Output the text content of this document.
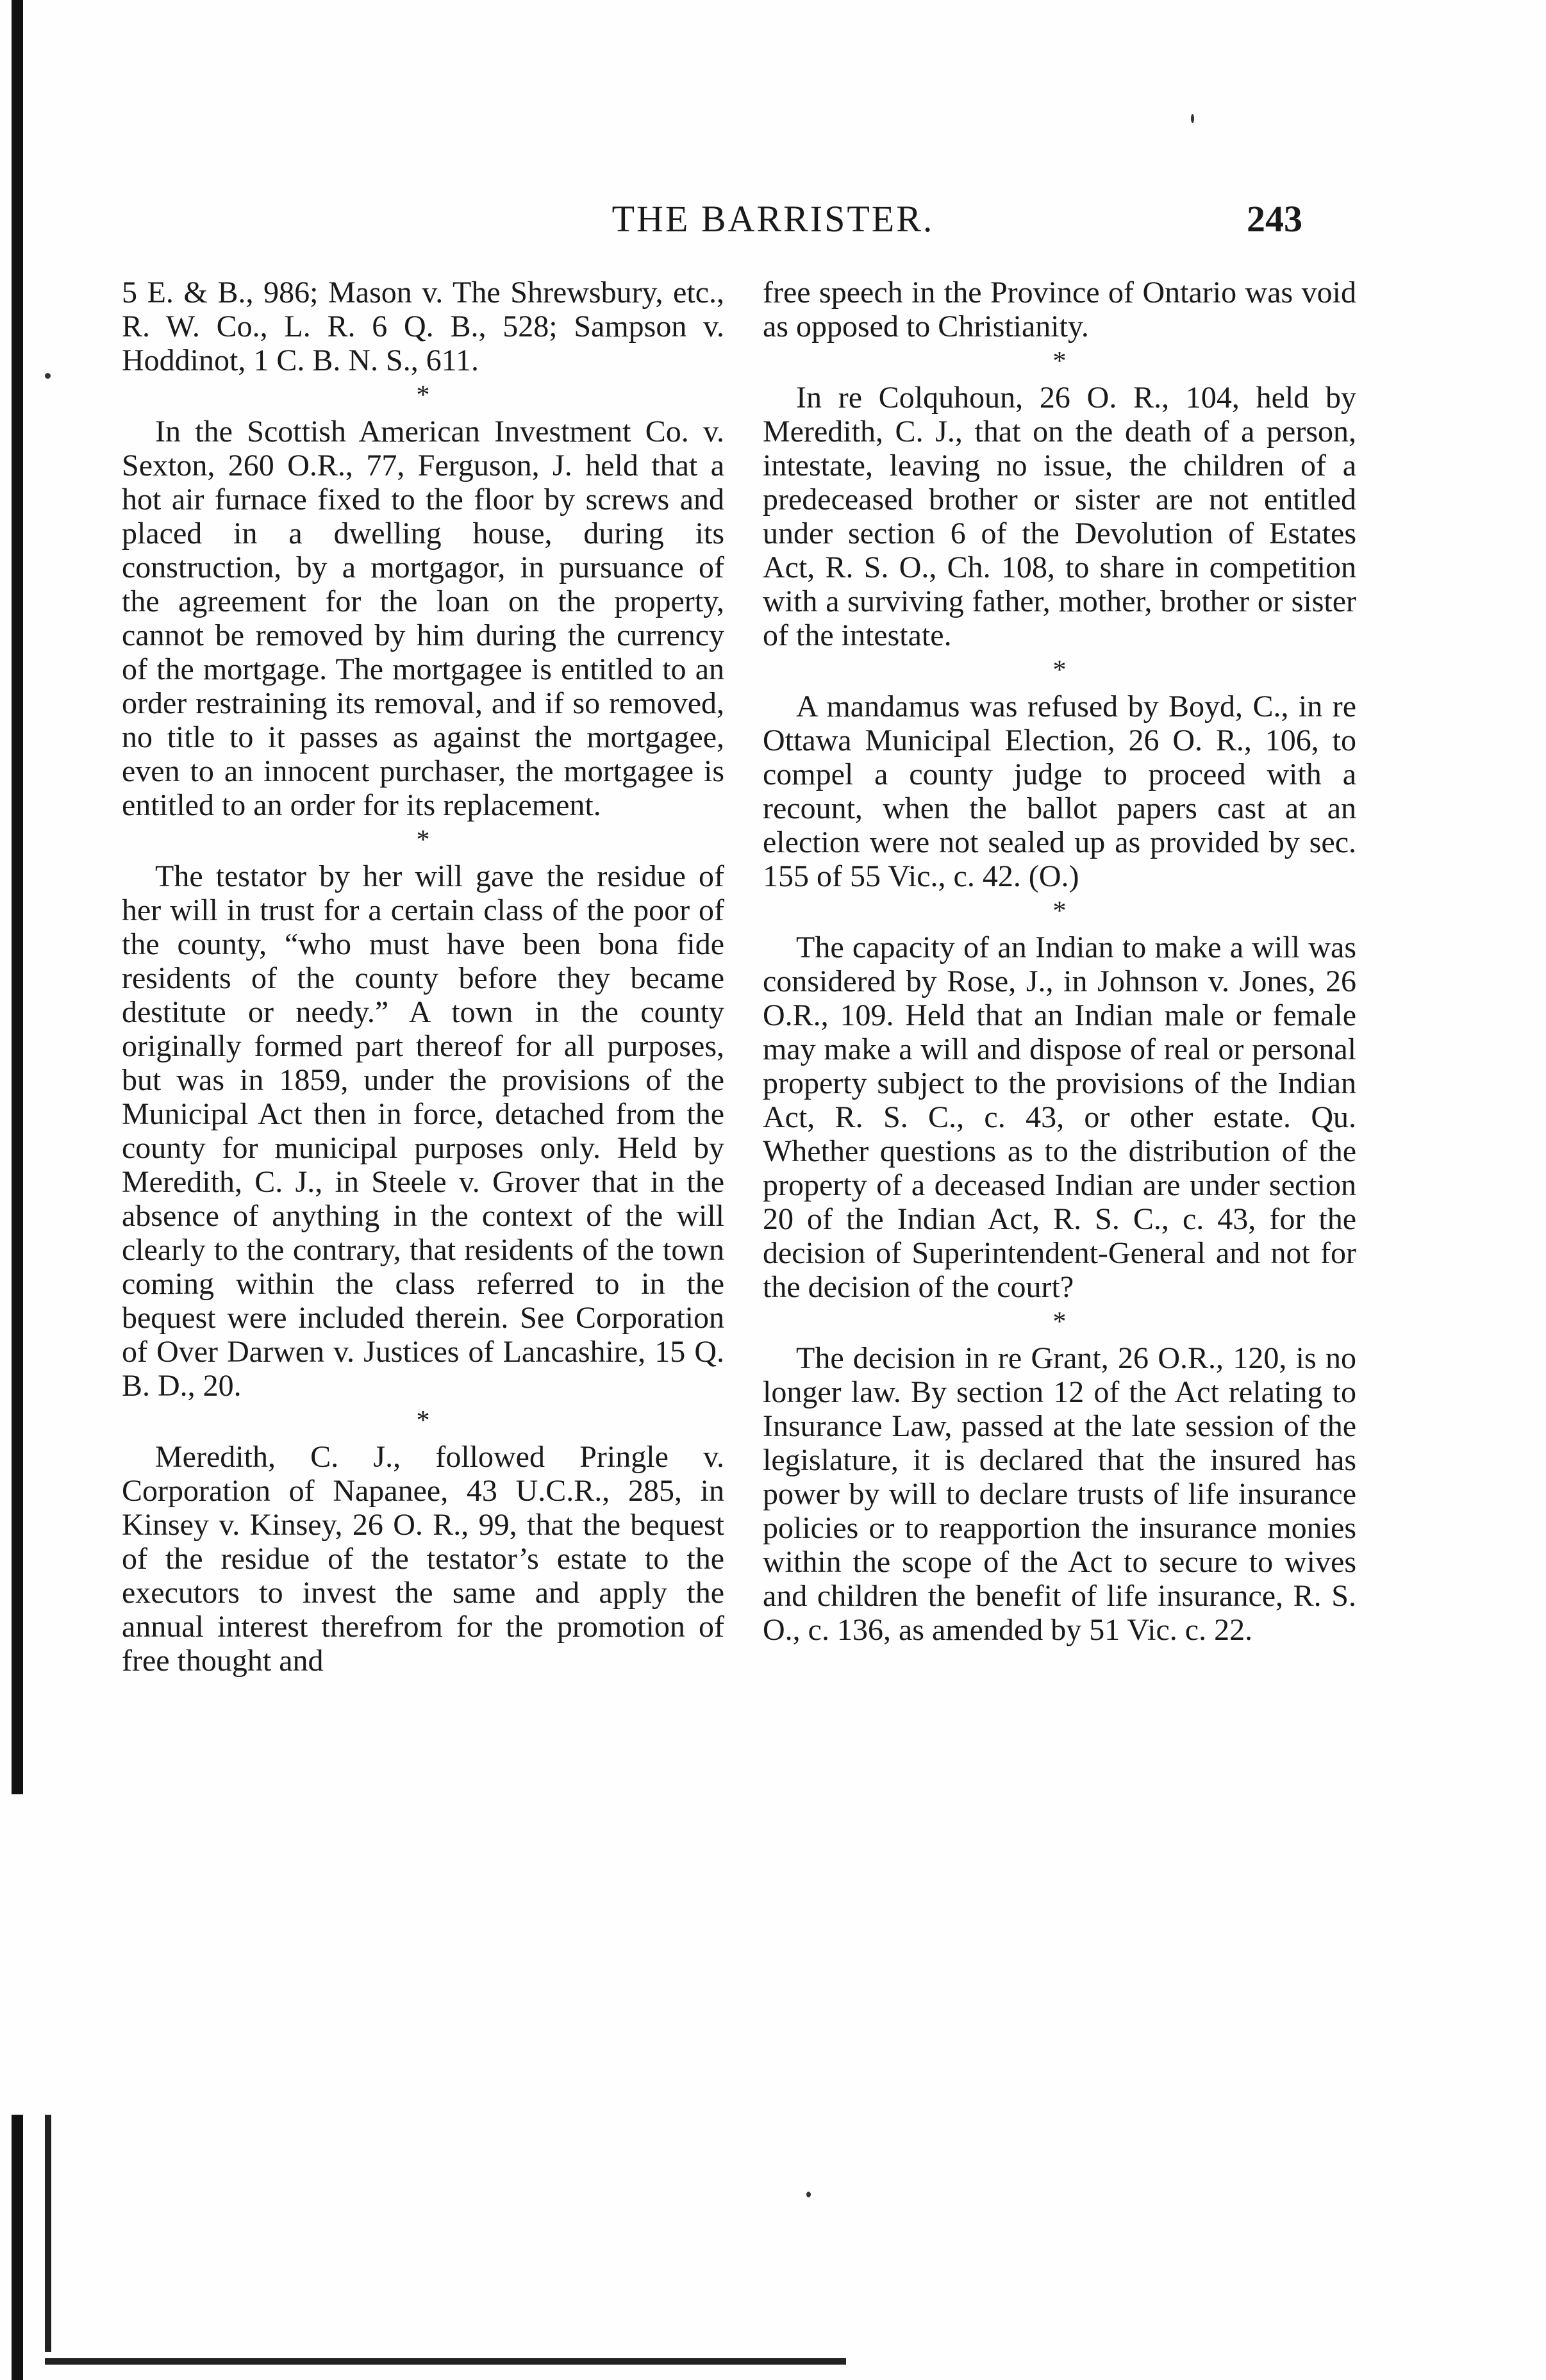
THE BARRISTER.	243

5 E. & B., 986; Mason v. The Shrewsbury, etc., R. W. Co., L. R. 6 Q. B., 528; Sampson v. Hoddinot, 1 C. B. N. S., 611.

*

In the Scottish American Investment Co. v. Sexton, 260 O.R., 77, Ferguson, J. held that a hot air furnace fixed to the floor by screws and placed in a dwelling house, during its construction, by a mortgagor, in pursuance of the agreement for the loan on the property, cannot be removed by him during the currency of the mortgage. The mortgagee is entitled to an order restraining its removal, and if so removed, no title to it passes as against the mortgagee, even to an innocent purchaser, the mortgagee is entitled to an order for its replacement.

*

The testator by her will gave the residue of her will in trust for a certain class of the poor of the county, “who must have been bona fide residents of the county before they became destitute or needy.” A town in the county originally formed part thereof for all purposes, but was in 1859, under the provisions of the Municipal Act then in force, detached from the county for municipal purposes only. Held by Meredith, C. J., in Steele v. Grover that in the absence of anything in the context of the will clearly to the contrary, that residents of the town coming within the class referred to in the bequest were included therein. See Corporation of Over Darwen v. Justices of Lancashire, 15 Q. B. D., 20.

*

Meredith, C. J., followed Pringle v. Corporation of Napanee, 43 U.C.R., 285, in Kinsey v. Kinsey, 26 O. R., 99, that the bequest of the residue of the testator’s estate to the executors to invest the same and apply the annual interest therefrom for the promotion of free thought and

free speech in the Province of Ontario was void as opposed to Christianity.

*

In re Colquhoun, 26 O. R., 104, held by Meredith, C. J., that on the death of a person, intestate, leaving no issue, the children of a predeceased brother or sister are not entitled under section 6 of the Devolution of Estates Act, R. S. O., Ch. 108, to share in competition with a surviving father, mother, brother or sister of the intestate.

*

A mandamus was refused by Boyd, C., in re Ottawa Municipal Election, 26 O. R., 106, to compel a county judge to proceed with a recount, when the ballot papers cast at an election were not sealed up as provided by sec. 155 of 55 Vic., c. 42. (O.)

*

The capacity of an Indian to make a will was considered by Rose, J., in Johnson v. Jones, 26 O.R., 109. Held that an Indian male or female may make a will and dispose of real or personal property subject to the provisions of the Indian Act, R. S. C., c. 43, or other estate. Qu. Whether questions as to the distribution of the property of a deceased Indian are under section 20 of the Indian Act, R. S. C., c. 43, for the decision of Superintendent-General and not for the decision of the court?

*

The decision in re Grant, 26 O.R., 120, is no longer law. By section 12 of the Act relating to Insurance Law, passed at the late session of the legislature, it is declared that the insured has power by will to declare trusts of life insurance policies or to reapportion the insurance monies within the scope of the Act to secure to wives and children the benefit of life insurance, R. S. O., c. 136, as amended by 51 Vic. c. 22.
